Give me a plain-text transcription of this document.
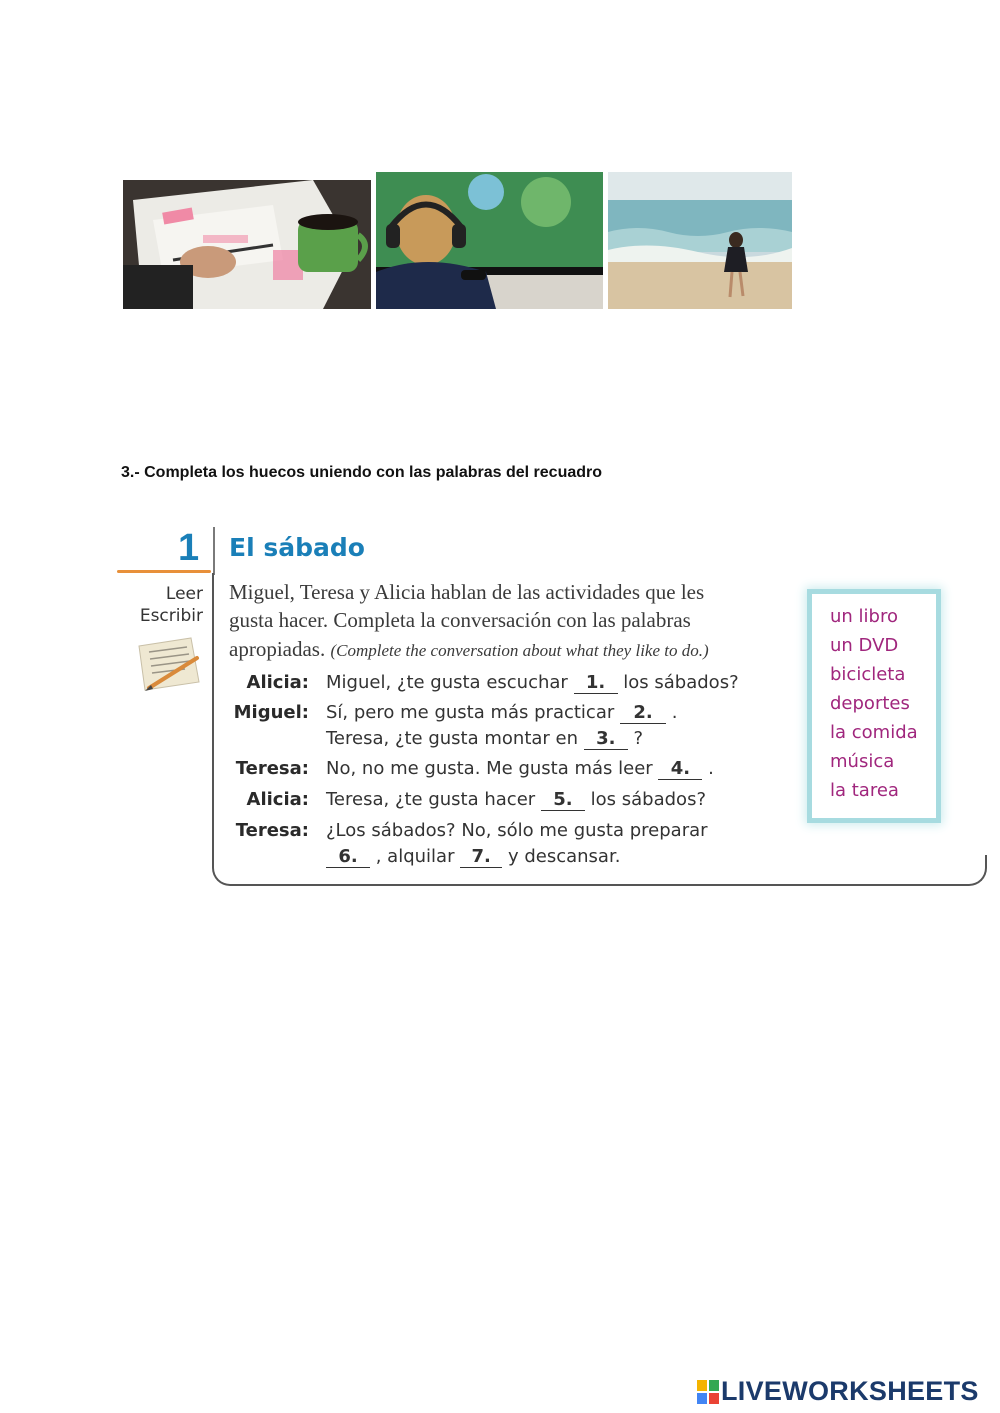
3.- Completa los huecos uniendo con las palabras del recuadro
1 El sábado
Leer
Escribir
Miguel, Teresa y Alicia hablan de las actividades que les
gusta hacer. Completa la conversación con las palabras
apropiadas. (Complete the conversation about what they like to do.)
Alicia: Miguel, ¿te gusta escuchar 1. los sábados?
Miguel: Sí, pero me gusta más practicar 2. .
Teresa, ¿te gusta montar en 3. ?
Teresa: No, no me gusta. Me gusta más leer 4. .
Alicia: Teresa, ¿te gusta hacer 5. los sábados?
Teresa: ¿Los sábados? No, sólo me gusta preparar
6. , alquilar 7. y descansar.
un libro
un DVD
bicicleta
deportes
la comida
música
la tarea
LIVEWORKSHEETS
